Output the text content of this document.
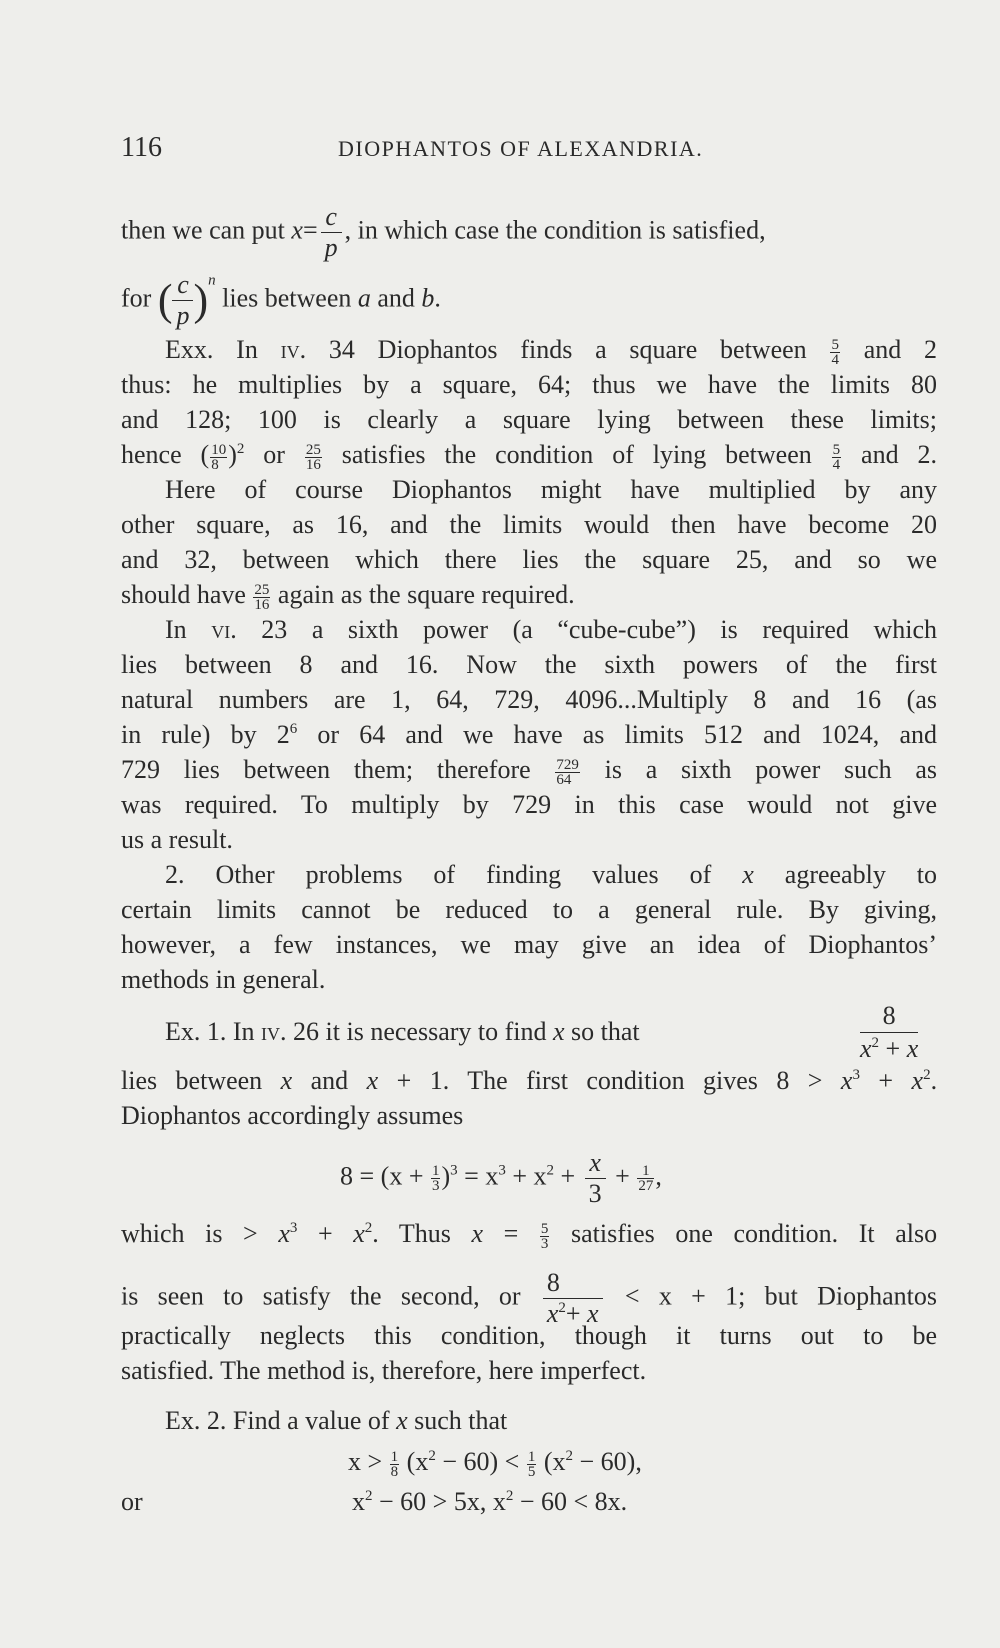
116	DIOPHANTOS OF ALEXANDRIA.
then we can put $x= \frac{c}{p}$ , in which case the condition is satisfied,
for ( $\frac{c}{p} )^n$ lies between a and b.
Exx. In iv. 34 Diophantos finds a square between $\frac{5}{4}$ and 2
thus: he multiplies by a square, 64; thus we have the limits 80
and 128; 100 is clearly a square lying between these limits;
hence ( $\frac{10}{8} )^2$ or $\frac{25}{16}$ satisfies the condition of lying between $\frac{5}{4}$ and 2.
Here of course Diophantos might have multiplied by any
other square, as 16, and the limits would then have become 20
and 32, between which there lies the square 25, and so we
should have $\frac{25}{16}$ again as the square required.
In vi. 23 a sixth power (a “cube-cube”) is required which
lies between 8 and 16. Now the sixth powers of the first
natural numbers are 1, 64, 729, 4096...Multiply 8 and 16 (as
in rule) by $2^6$ or 64 and we have as limits 512 and 1024, and
729 lies between them; therefore $\frac{729}{64}$ is a sixth power such as
was required. To multiply by 729 in this case would not give
us a result.
2. Other problems of finding values of x agreeably to
certain limits cannot be reduced to a general rule. By giving,
however, a few instances, we may give an idea of Diophantos’
methods in general.
Ex. 1. In iv. 26 it is necessary to find x so that
8
$x^2 + x$
lies between x and x + 1. The first condition gives $8 > x^3 + x^2$.
Diophantos accordingly assumes
$8 = (x + \frac{1}{3} )^3 = x^3 + x^2 + \frac{x}{3} + \frac{1}{27}$ ,
which is > $x^3 + x^2$. Thus $x = \frac{5}{3}$ satisfies one condition. It also
is seen to satisfy the second, or $\frac{8}{x^2+ x} < x + 1$; but Diophantos
practically neglects this condition, though it turns out to be
satisfied. The method is, therefore, here imperfect.
Ex. 2. Find a value of x such that
$x > \frac{1}{8} (x^2 - 60) < \frac{1}{5} (x^2 - 60)$,
or	$x^2 - 60 > 5x$, $x^2 - 60 < 8x$.
